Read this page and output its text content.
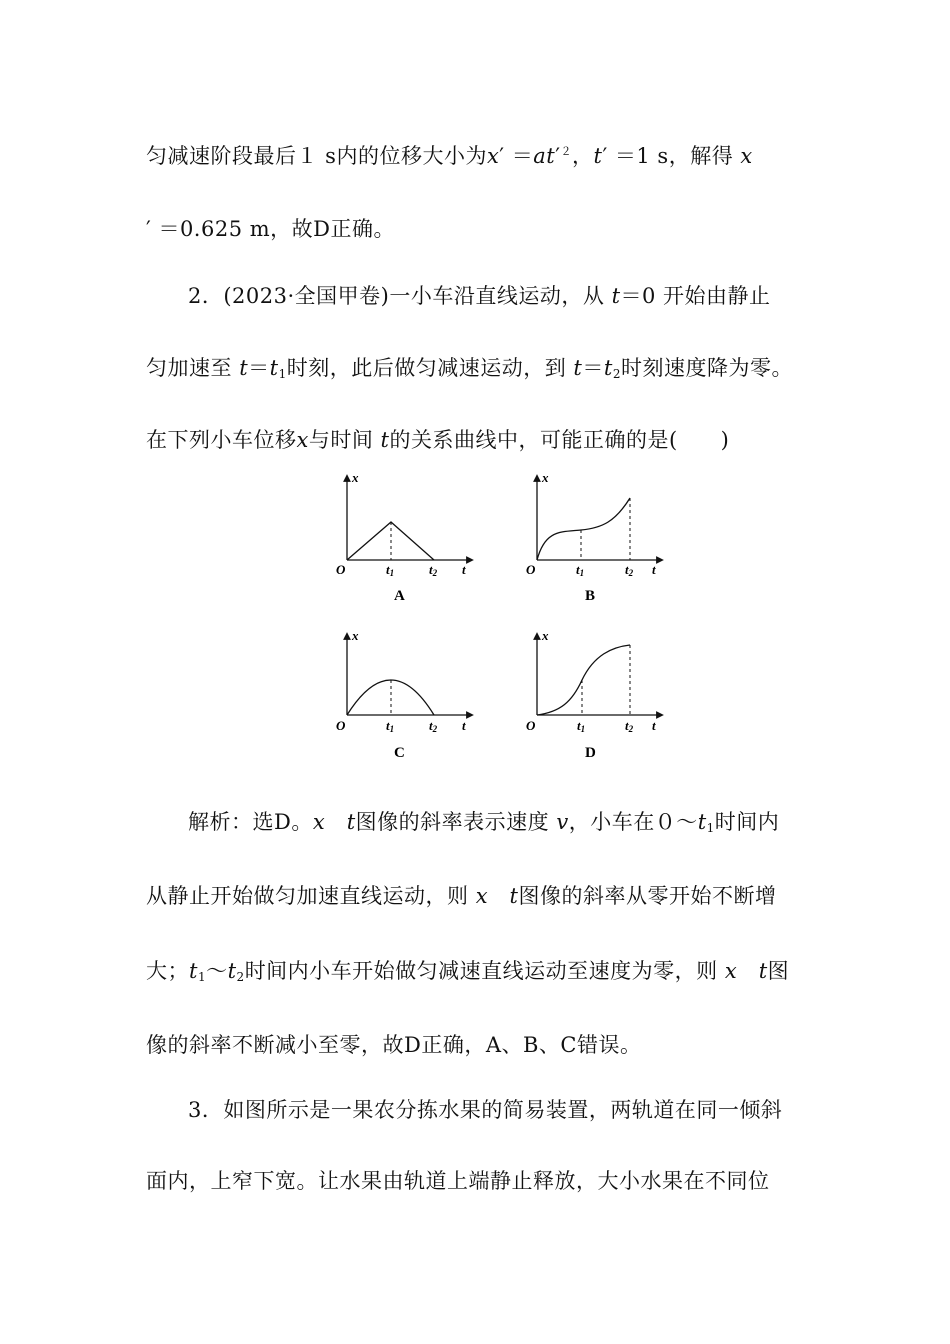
匀减速阶段最后１ s内的位移大小为$x' =at'^2$，t′ ＝1 s，解得 x
′ ＝0.625 m，故D正确。
2．(2023·全国甲卷)一小车沿直线运动，从 t＝0 开始由静止
匀加速至 $t=t_1$时刻，此后做匀减速运动，到 $t=t_2$时刻速度降为零。
在下列小车位移x与时间 t的关系曲线中，可能正确的是(　　)
x
O	t1	t2 t
A
x
O	t1	t2 t
B
x
O	t1	t2 t
C
x
O	t1	t2 t
D
解析：选D。x　 t图像的斜率表示速度 v，小车在$0\sim t_1$时间内
从静止开始做匀加速直线运动，则 x　 t图像的斜率从零开始不断增
大；$t_1\sim t_2$时间内小车开始做匀减速直线运动至速度为零，则 x　 t图
像的斜率不断减小至零，故D正确，A、B、C错误。
3．如图所示是一果农分拣水果的简易装置，两轨道在同一倾斜
面内，上窄下宽。让水果由轨道上端静止释放，大小水果在不同位
